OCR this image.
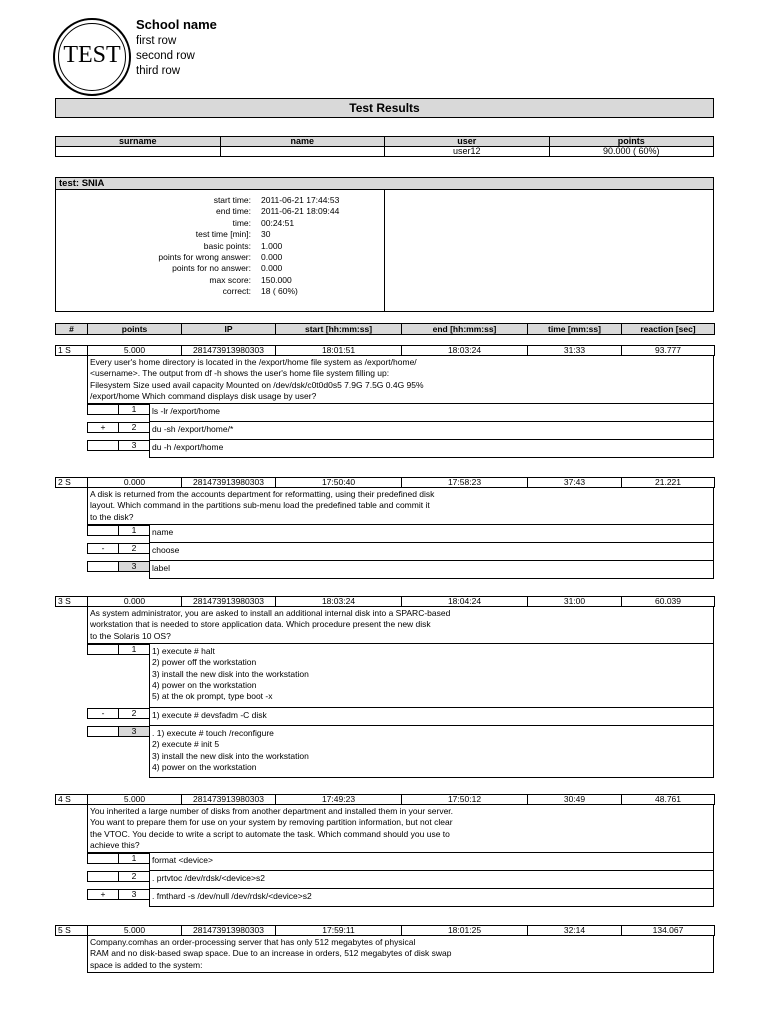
TEST
School name
first row
second row
third row
Test Results
surname	name	user	points
		user12	90.000 ( 60%)
test: SNIA
start time: 2011-06-21 17:44:53
end time: 2011-06-21 18:09:44
time: 00:24:51
test time [min]: 30
basic points: 1.000
points for wrong answer: 0.000
points for no answer: 0.000
max score: 150.000
correct: 18 ( 60%)
#	points	IP	start [hh:mm:ss]	end [hh:mm:ss]	time [mm:ss]	reaction [sec]
1 S	5.000	281473913980303	18:01:51	18:03:24	31:33	93.777
Every user's home directory is located in the /export/home file system as /export/home/
<username>. The output from df -h shows the user's home file system filling up:
Filesystem Size used avail capacity Mounted on /dev/dsk/c0t0d0s5 7.9G 7.5G 0.4G 95%
/export/home Which command displays disk usage by user?
1	ls -lr /export/home
+	2	du -sh /export/home/*
3	du -h /export/home
2 S	0.000	281473913980303	17:50:40	17:58:23	37:43	21.221
A disk is returned from the accounts department for reformatting, using their predefined disk
layout. Which command in the partitions sub-menu load the predefined table and commit it
to the disk?
1	name
-	2	choose
3	label
3 S	0.000	281473913980303	18:03:24	18:04:24	31:00	60.039
As system administrator, you are asked to install an additional internal disk into a SPARC-based
workstation that is needed to store application data. Which procedure present the new disk
to the Solaris 10 OS?
1	1) execute # halt
2) power off the workstation
3) install the new disk into the workstation
4) power on the workstation
5) at the ok prompt, type boot -x
-	2	1) execute # devsfadm -C disk
3	. 1) execute # touch /reconfigure
2) execute # init 5
3) install the new disk into the workstation
4) power on the workstation
4 S	5.000	281473913980303	17:49:23	17:50:12	30:49	48.761
You inherited a large number of disks from another department and installed them in your server.
You want to prepare them for use on your system by removing partition information, but not clear
the VTOC. You decide to write a script to automate the task. Which command should you use to
achieve this?
1	format <device>
2	. prtvtoc /dev/rdsk/<device>s2
+	3	. fmthard -s /dev/null /dev/rdsk/<device>s2
5 S	5.000	281473913980303	17:59:11	18:01:25	32:14	134.067
Company.comhas an order-processing server that has only 512 megabytes of physical
RAM and no disk-based swap space. Due to an increase in orders, 512 megabytes of disk swap
space is added to the system:
